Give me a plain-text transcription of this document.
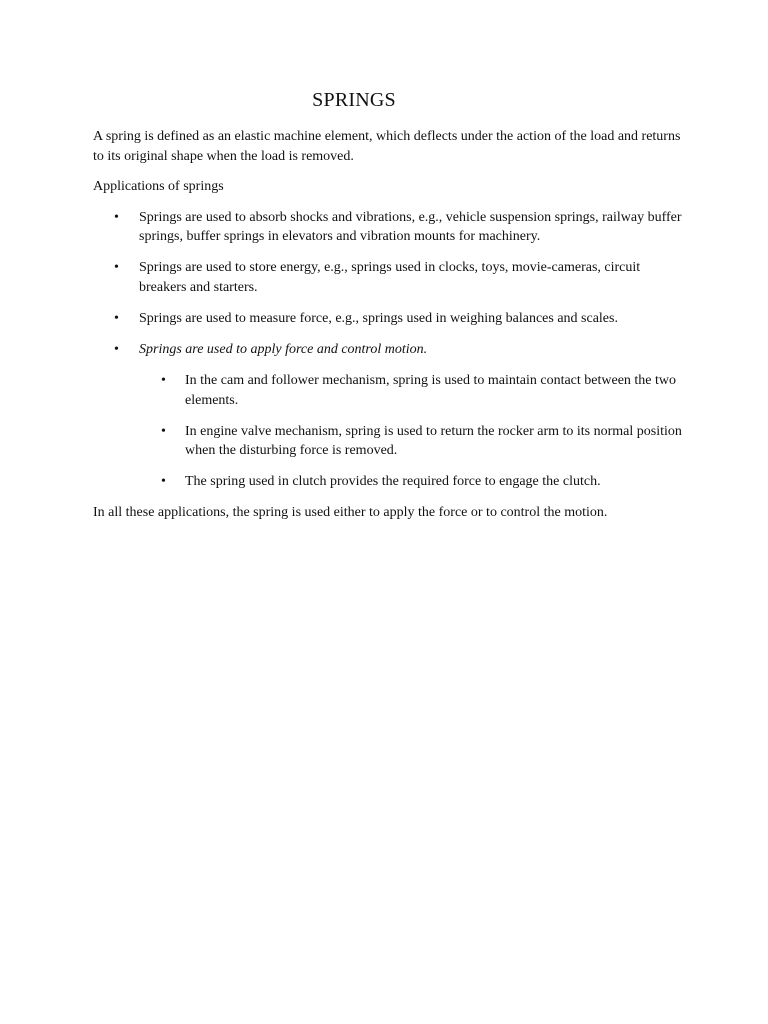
SPRINGS

A spring is defined as an elastic machine element, which deflects under the action of the load and returns to its original shape when the load is removed.

Applications of springs

• Springs are used to absorb shocks and vibrations, e.g., vehicle suspension springs, railway buffer springs, buffer springs in elevators and vibration mounts for machinery.
• Springs are used to store energy, e.g., springs used in clocks, toys, movie-cameras, circuit breakers and starters.
• Springs are used to measure force, e.g., springs used in weighing balances and scales.
• Springs are used to apply force and control motion.
• In the cam and follower mechanism, spring is used to maintain contact between the two elements.
• In engine valve mechanism, spring is used to return the rocker arm to its normal position when the disturbing force is removed.
• The spring used in clutch provides the required force to engage the clutch.

In all these applications, the spring is used either to apply the force or to control the motion.
